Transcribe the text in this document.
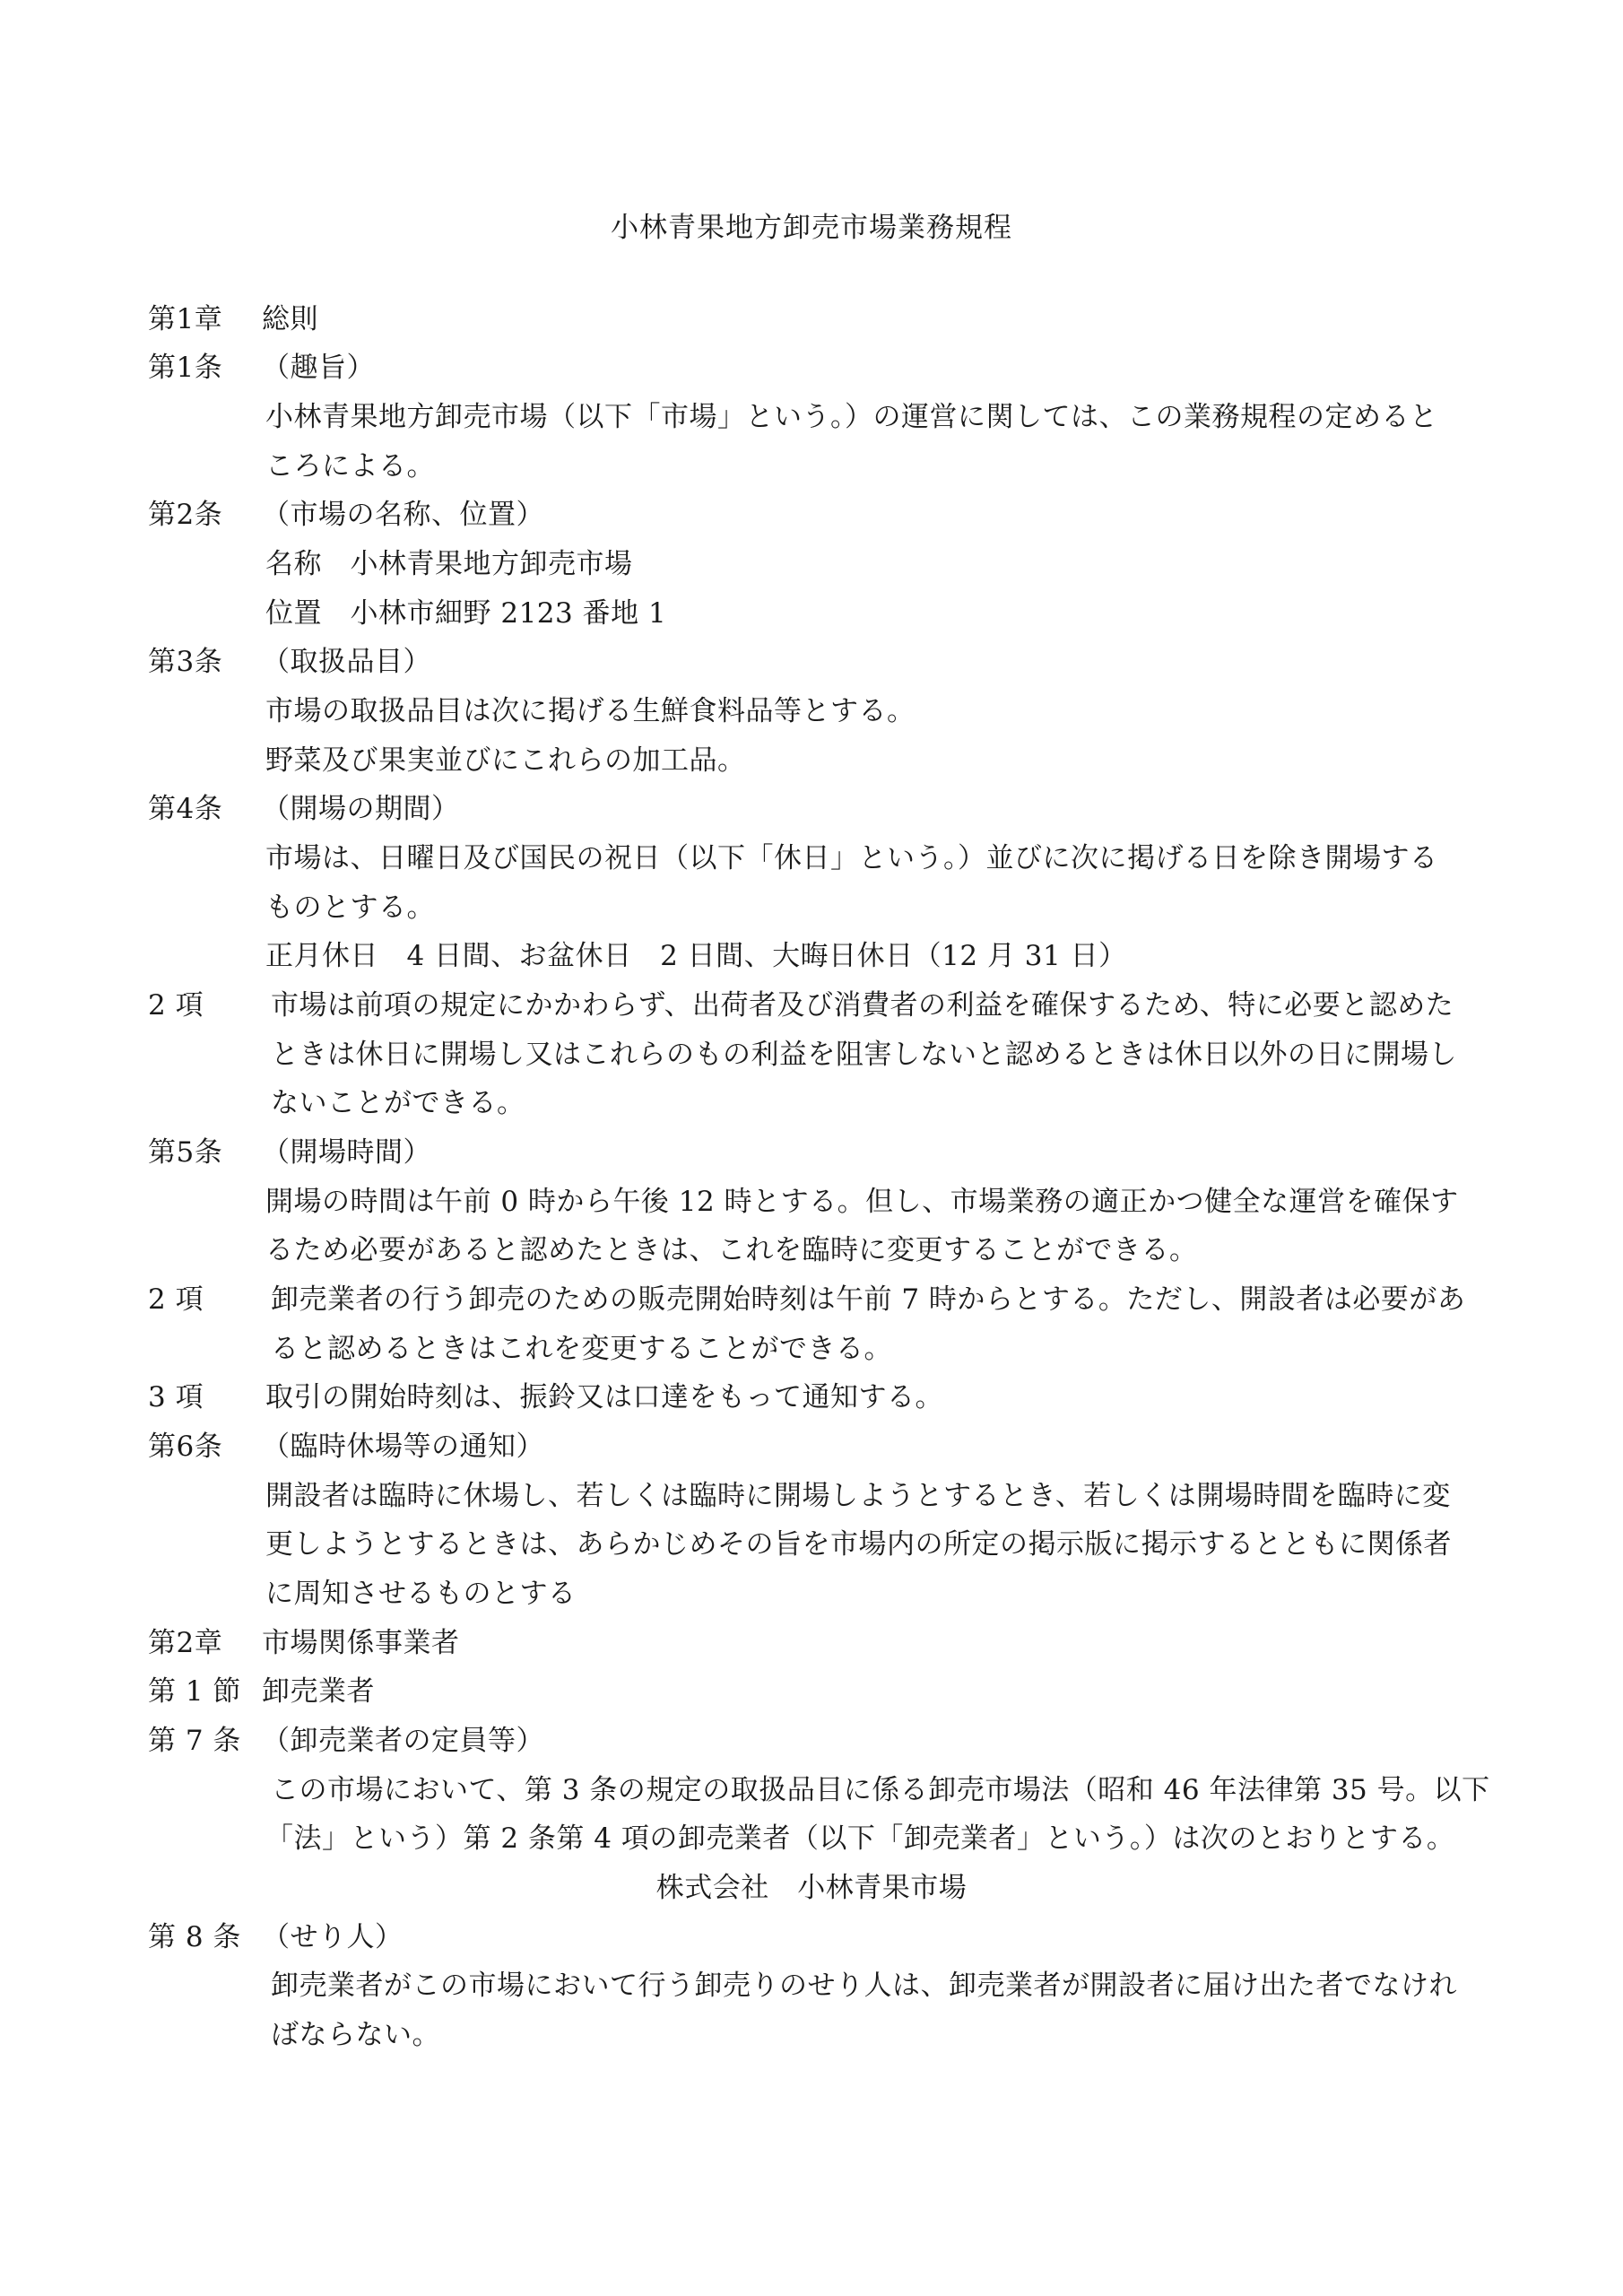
小林青果地方卸売市場業務規程
第1章 総則
第1条 （趣旨）
小林青果地方卸売市場（以下「市場」という。）の運営に関しては、この業務規程の定めると
ころによる。
第2条 （市場の名称、位置）
名称　小林青果地方卸売市場
位置　小林市細野 2123 番地 1
第3条 （取扱品目）
市場の取扱品目は次に掲げる生鮮食料品等とする。
野菜及び果実並びにこれらの加工品。
第4条 （開場の期間）
市場は、日曜日及び国民の祝日（以下「休日」という。）並びに次に掲げる日を除き開場する
ものとする。
正月休日　4 日間、お盆休日　2 日間、大晦日休日（12 月 31 日）
2 項 市場は前項の規定にかかわらず、出荷者及び消費者の利益を確保するため、特に必要と認めた
ときは休日に開場し又はこれらのもの利益を阻害しないと認めるときは休日以外の日に開場し
ないことができる。
第5条 （開場時間）
開場の時間は午前 0 時から午後 12 時とする。但し、市場業務の適正かつ健全な運営を確保す
るため必要があると認めたときは、これを臨時に変更することができる。
2 項 卸売業者の行う卸売のための販売開始時刻は午前 7 時からとする。ただし、開設者は必要があ
ると認めるときはこれを変更することができる。
3 項 取引の開始時刻は、振鈴又は口達をもって通知する。
第6条 （臨時休場等の通知）
開設者は臨時に休場し、若しくは臨時に開場しようとするとき、若しくは開場時間を臨時に変
更しようとするときは、あらかじめその旨を市場内の所定の掲示版に掲示するとともに関係者
に周知させるものとする
第2章 市場関係事業者
第 1 節 卸売業者
第 7 条 （卸売業者の定員等）
この市場において、第 3 条の規定の取扱品目に係る卸売市場法（昭和 46 年法律第 35 号。以下
「法」という）第 2 条第 4 項の卸売業者（以下「卸売業者」という。）は次のとおりとする。
株式会社　小林青果市場
第 8 条 （せり人）
卸売業者がこの市場において行う卸売りのせり人は、卸売業者が開設者に届け出た者でなけれ
ばならない。
